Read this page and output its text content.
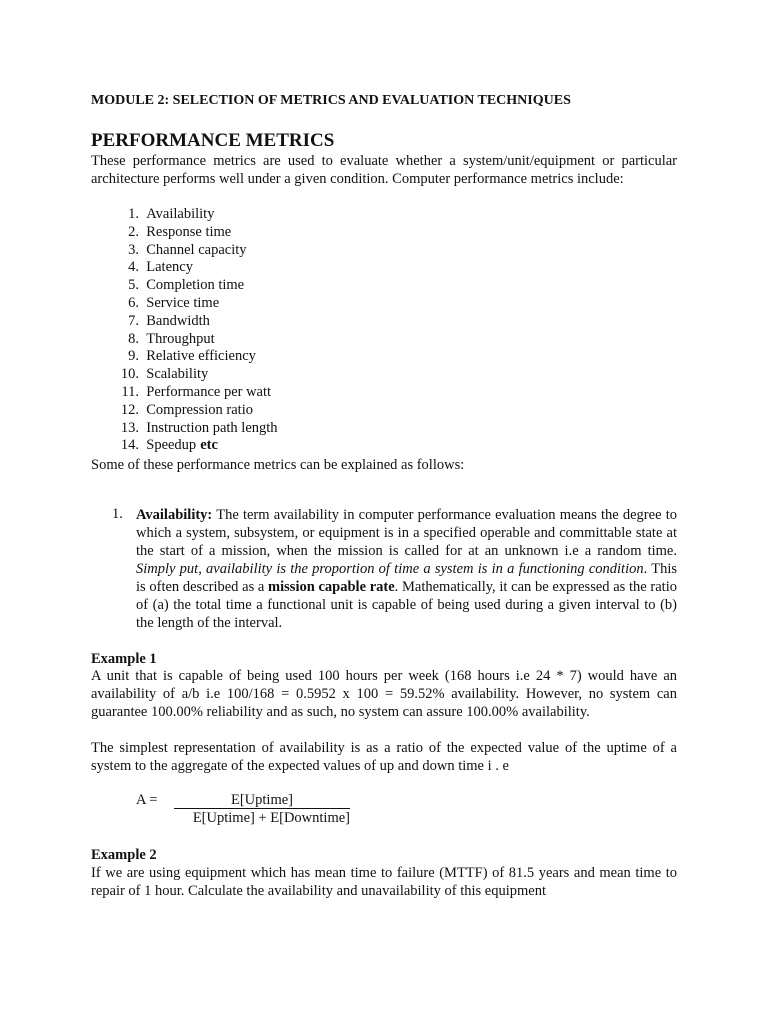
MODULE 2: SELECTION OF METRICS AND EVALUATION TECHNIQUES
PERFORMANCE METRICS
These performance metrics are used to evaluate whether a system/unit/equipment or particular architecture performs well under a given condition. Computer performance metrics include:
1. Availability
2. Response time
3. Channel capacity
4. Latency
5. Completion time
6. Service time
7. Bandwidth
8. Throughput
9. Relative efficiency
10. Scalability
11. Performance per watt
12. Compression ratio
13. Instruction path length
14. Speedup etc
Some of these performance metrics can be explained as follows:
1. Availability: The term availability in computer performance evaluation means the degree to which a system, subsystem, or equipment is in a specified operable and committable state at the start of a mission, when the mission is called for at an unknown i.e a random time. Simply put, availability is the proportion of time a system is in a functioning condition. This is often described as a mission capable rate. Mathematically, it can be expressed as the ratio of (a) the total time a functional unit is capable of being used during a given interval to (b) the length of the interval.
Example 1
A unit that is capable of being used 100 hours per week (168 hours i.e 24 * 7) would have an availability of a/b i.e 100/168 = 0.5952 x 100 = 59.52% availability. However, no system can guarantee 100.00% reliability and as such, no system can assure 100.00% availability.
The simplest representation of availability is as a ratio of the expected value of the uptime of a system to the aggregate of the expected values of up and down time i . e
A =	E[Uptime]
E[Uptime] + E[Downtime]
Example 2
If we are using equipment which has mean time to failure (MTTF) of 81.5 years and mean time to repair of 1 hour. Calculate the availability and unavailability of this equipment
